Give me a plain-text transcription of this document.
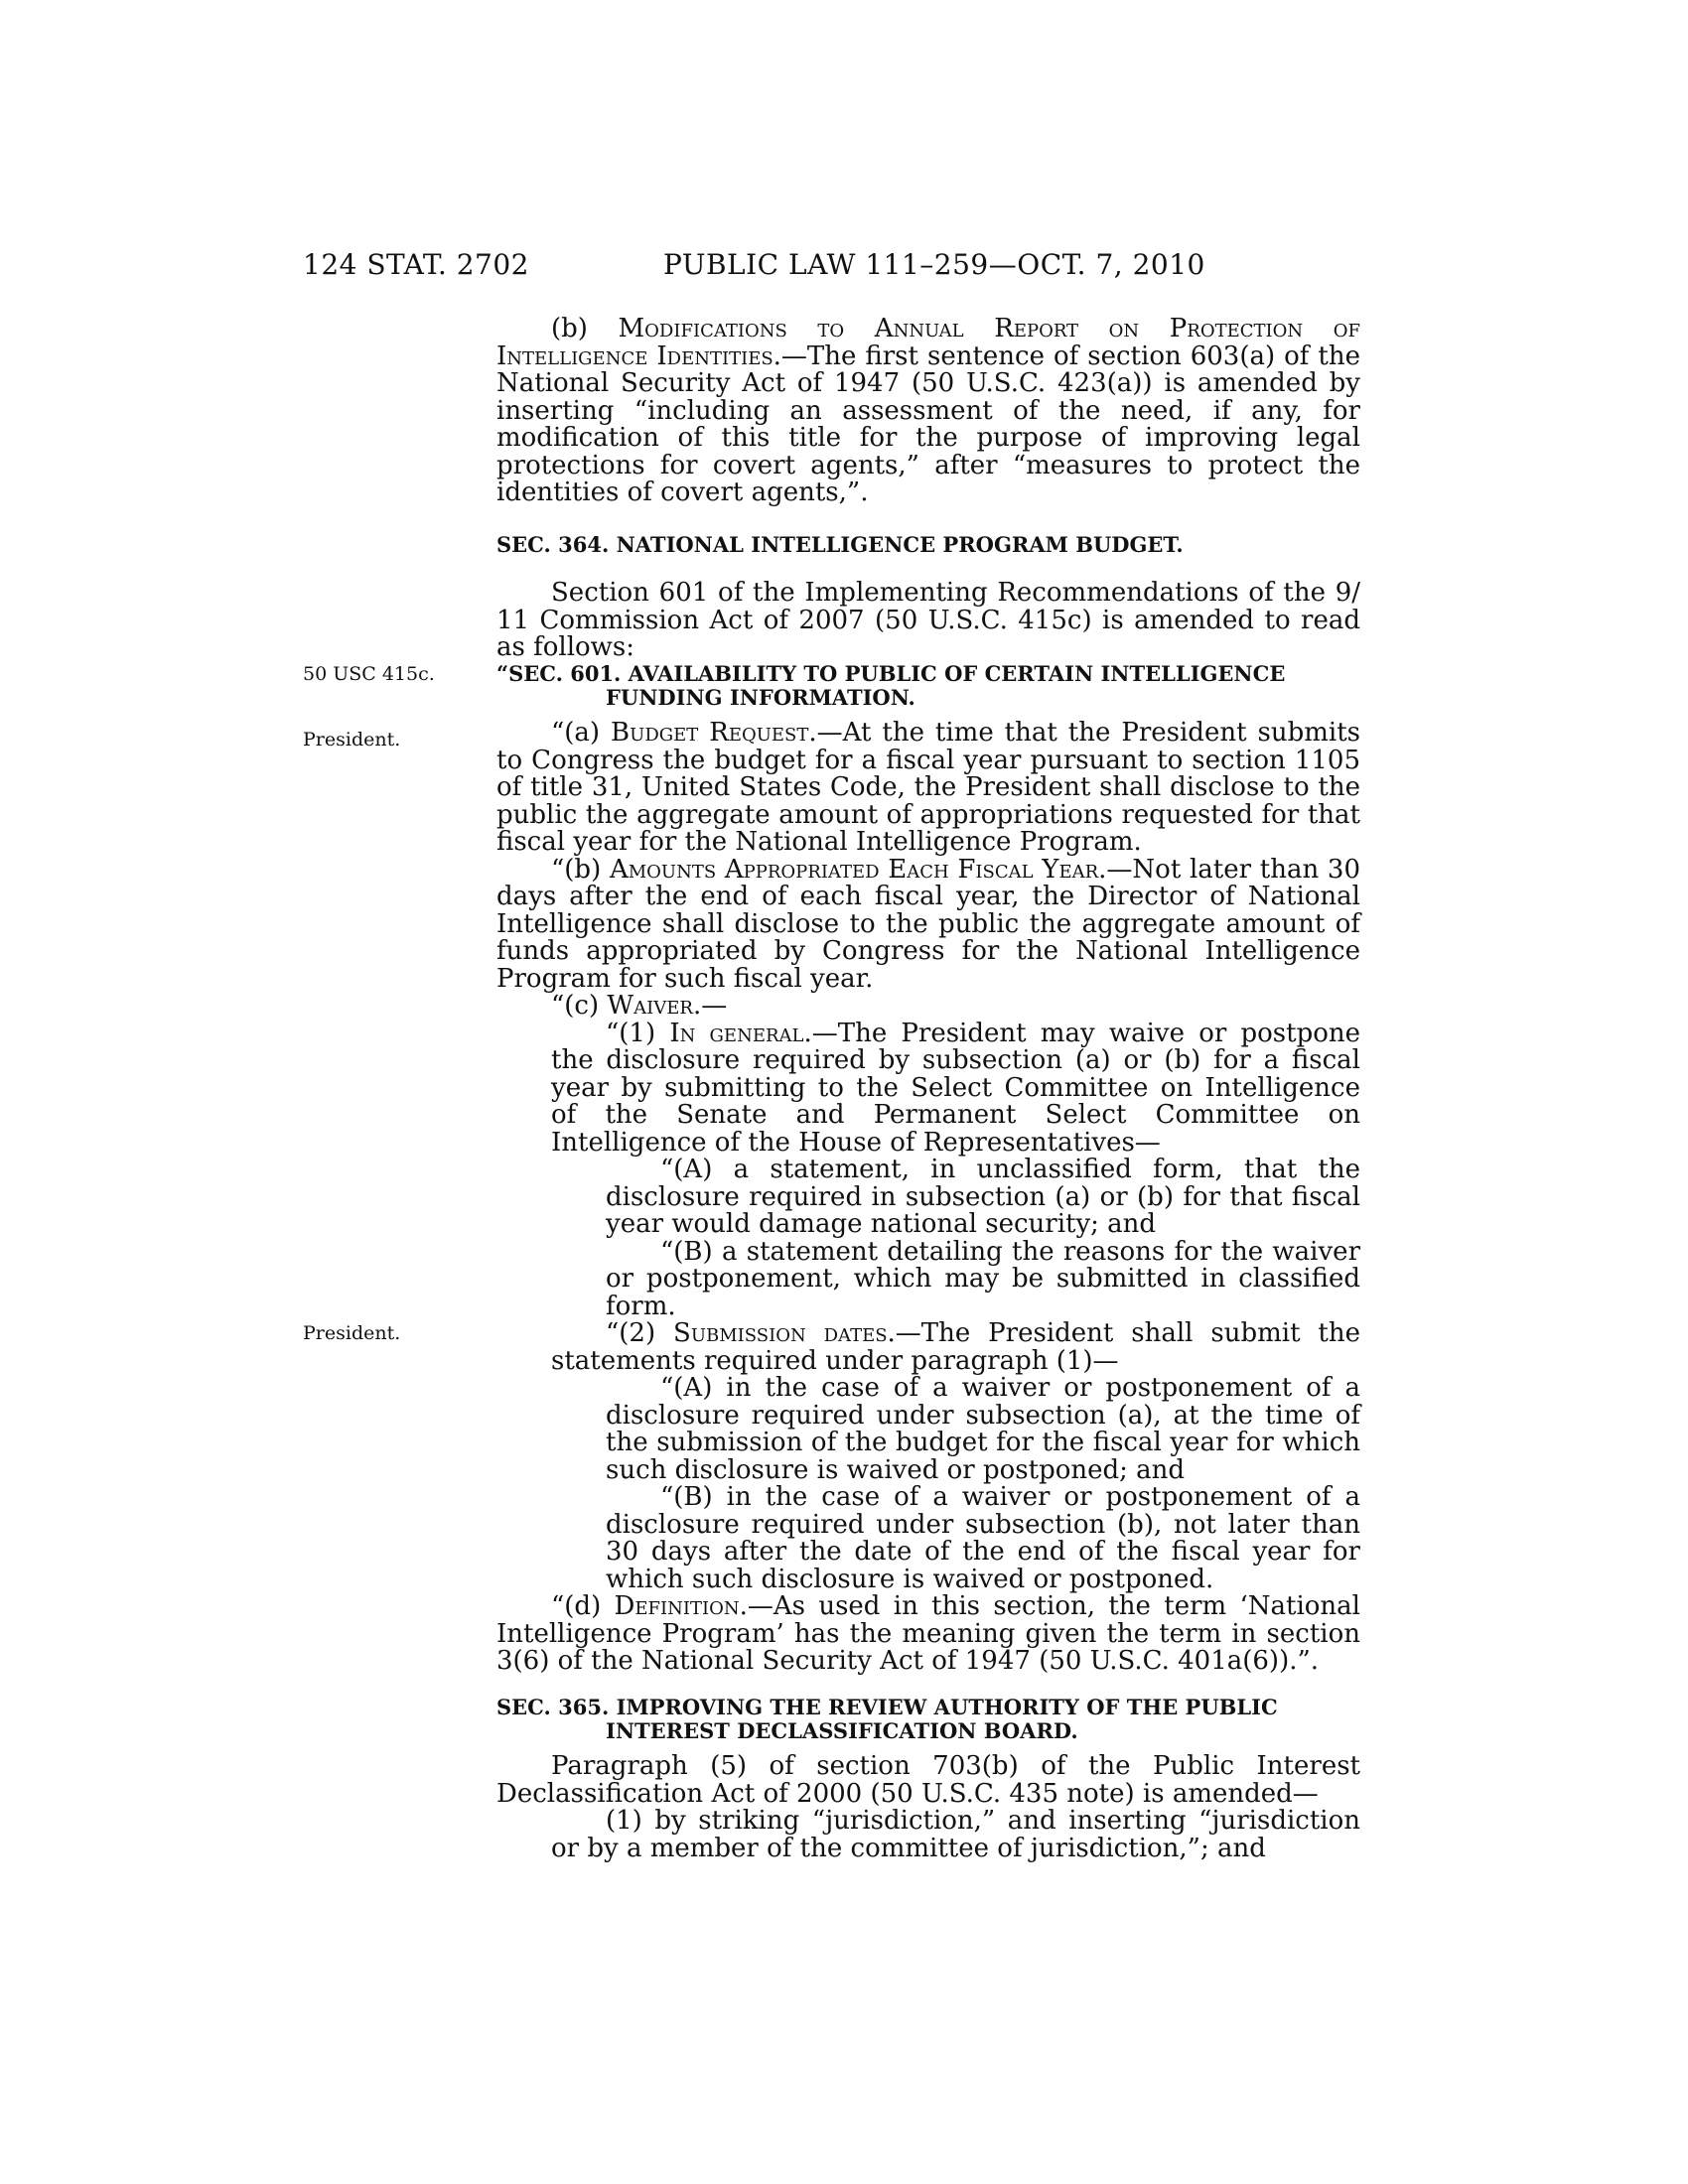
124 STAT. 2702	PUBLIC LAW 111–259—OCT. 7, 2010
50 USC 415c.
President.
President.

(b) Modifications to Annual Report on Protection of Intelligence Identities.—The first sentence of section 603(a) of the National Security Act of 1947 (50 U.S.C. 423(a)) is amended by inserting “including an assessment of the need, if any, for modification of this title for the purpose of improving legal protections for covert agents,” after “measures to protect the identities of covert agents,”.

SEC. 364. NATIONAL INTELLIGENCE PROGRAM BUDGET.

Section 601 of the Implementing Recommendations of the 9/ 11 Commission Act of 2007 (50 U.S.C. 415c) is amended to read as follows:

“SEC. 601. AVAILABILITY TO PUBLIC OF CERTAIN INTELLIGENCE
FUNDING INFORMATION.

“(a) Budget Request.—At the time that the President submits to Congress the budget for a fiscal year pursuant to section 1105 of title 31, United States Code, the President shall disclose to the public the aggregate amount of appropriations requested for that fiscal year for the National Intelligence Program.

“(b) Amounts Appropriated Each Fiscal Year.—Not later than 30 days after the end of each fiscal year, the Director of National Intelligence shall disclose to the public the aggregate amount of funds appropriated by Congress for the National Intelligence Program for such fiscal year.

“(c) Waiver.—

“(1) In general.—The President may waive or postpone the disclosure required by subsection (a) or (b) for a fiscal year by submitting to the Select Committee on Intelligence of the Senate and Permanent Select Committee on Intelligence of the House of Representatives—

“(A) a statement, in unclassified form, that the disclosure required in subsection (a) or (b) for that fiscal year would damage national security; and

“(B) a statement detailing the reasons for the waiver or postponement, which may be submitted in classified form.

“(2) Submission dates.—The President shall submit the statements required under paragraph (1)—

“(A) in the case of a waiver or postponement of a disclosure required under subsection (a), at the time of the submission of the budget for the fiscal year for which such disclosure is waived or postponed; and

“(B) in the case of a waiver or postponement of a disclosure required under subsection (b), not later than 30 days after the date of the end of the fiscal year for which such disclosure is waived or postponed.

“(d) Definition.—As used in this section, the term ‘National Intelligence Program’ has the meaning given the term in section 3(6) of the National Security Act of 1947 (50 U.S.C. 401a(6)).”.

SEC. 365. IMPROVING THE REVIEW AUTHORITY OF THE PUBLIC
INTEREST DECLASSIFICATION BOARD.

Paragraph (5) of section 703(b) of the Public Interest Declassification Act of 2000 (50 U.S.C. 435 note) is amended—

(1) by striking “jurisdiction,” and inserting “jurisdiction or by a member of the committee of jurisdiction,”; and
